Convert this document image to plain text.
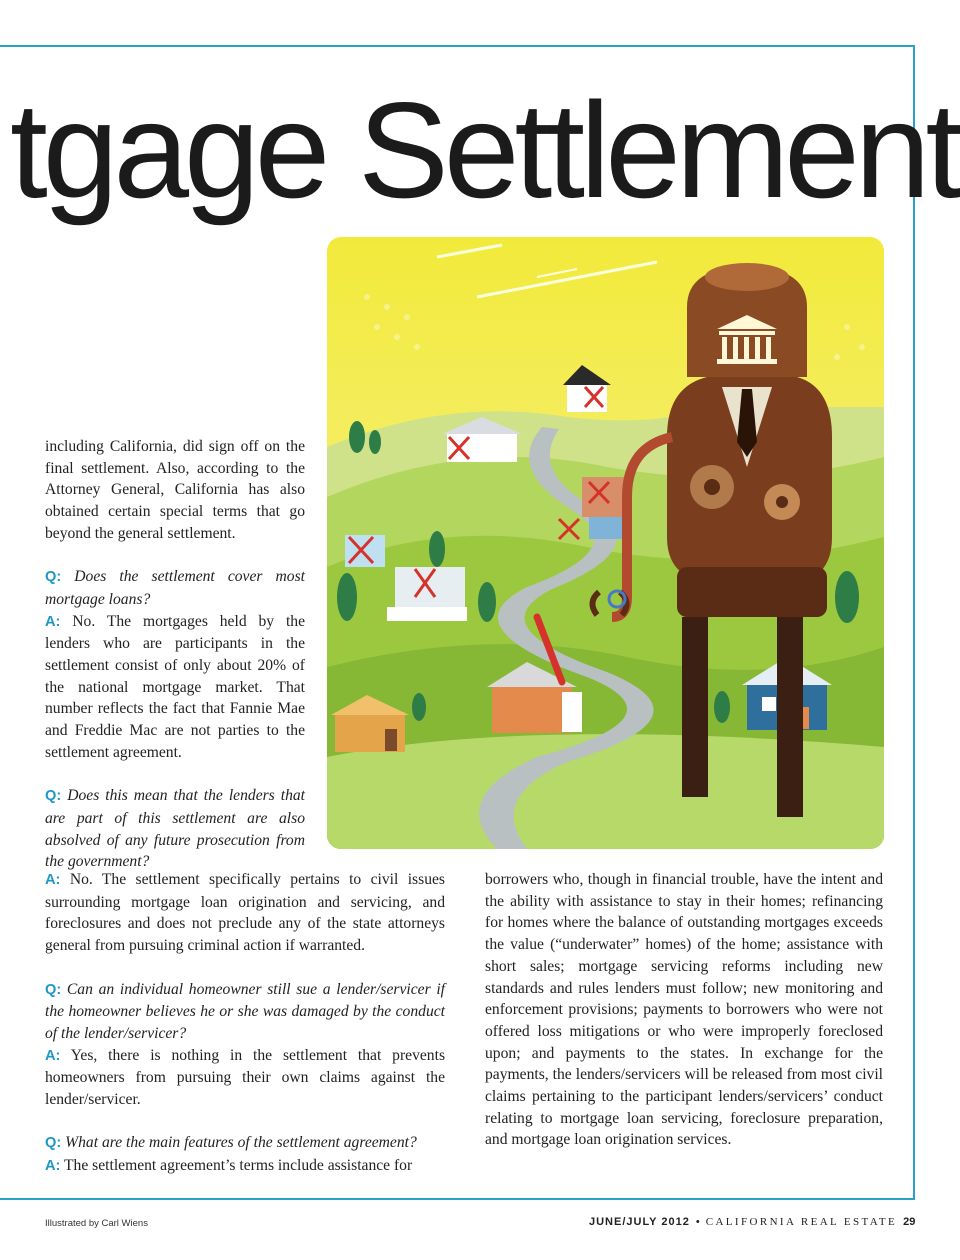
tgage Settlement

including California, did sign off on the final settlement. Also, according to the Attorney General, California has also obtained certain special terms that go beyond the general settlement.

Q: Does the settlement cover most mortgage loans?

A: No. The mortgages held by the lenders who are participants in the settlement consist of only about 20% of the national mortgage market. That number reflects the fact that Fannie Mae and Freddie Mac are not parties to the settlement agreement.

Q: Does this mean that the lenders that are part of this settlement are also absolved of any future prosecution from the government?

A: No. The settlement specifically pertains to civil issues surrounding mortgage loan origination and servicing, and foreclosures and does not preclude any of the state attorneys general from pursuing criminal action if warranted.

Q: Can an individual homeowner still sue a lender/servicer if the homeowner believes he or she was damaged by the conduct of the lender/servicer?

A: Yes, there is nothing in the settlement that prevents homeowners from pursuing their own claims against the lender/servicer.

Q: What are the main features of the settlement agreement?

A: The settlement agreement’s terms include assistance for

borrowers who, though in financial trouble, have the intent and the ability with assistance to stay in their homes; refinancing for homes where the balance of outstanding mortgages exceeds the value (“underwater” homes) of the home; assistance with short sales; mortgage servicing reforms including new standards and rules lenders must follow; new monitoring and enforcement provisions; payments to borrowers who were not offered loss mitigations or who were improperly foreclosed upon; and payments to the states. In exchange for the payments, the lenders/servicers will be released from most civil claims pertaining to the participant lenders/servicers’ conduct relating to mortgage loan servicing, foreclosure preparation, and mortgage loan origination services.

Illustrated by Carl Wiens	JUNE/JULY 2012 • CALIFORNIA REAL ESTATE 29
